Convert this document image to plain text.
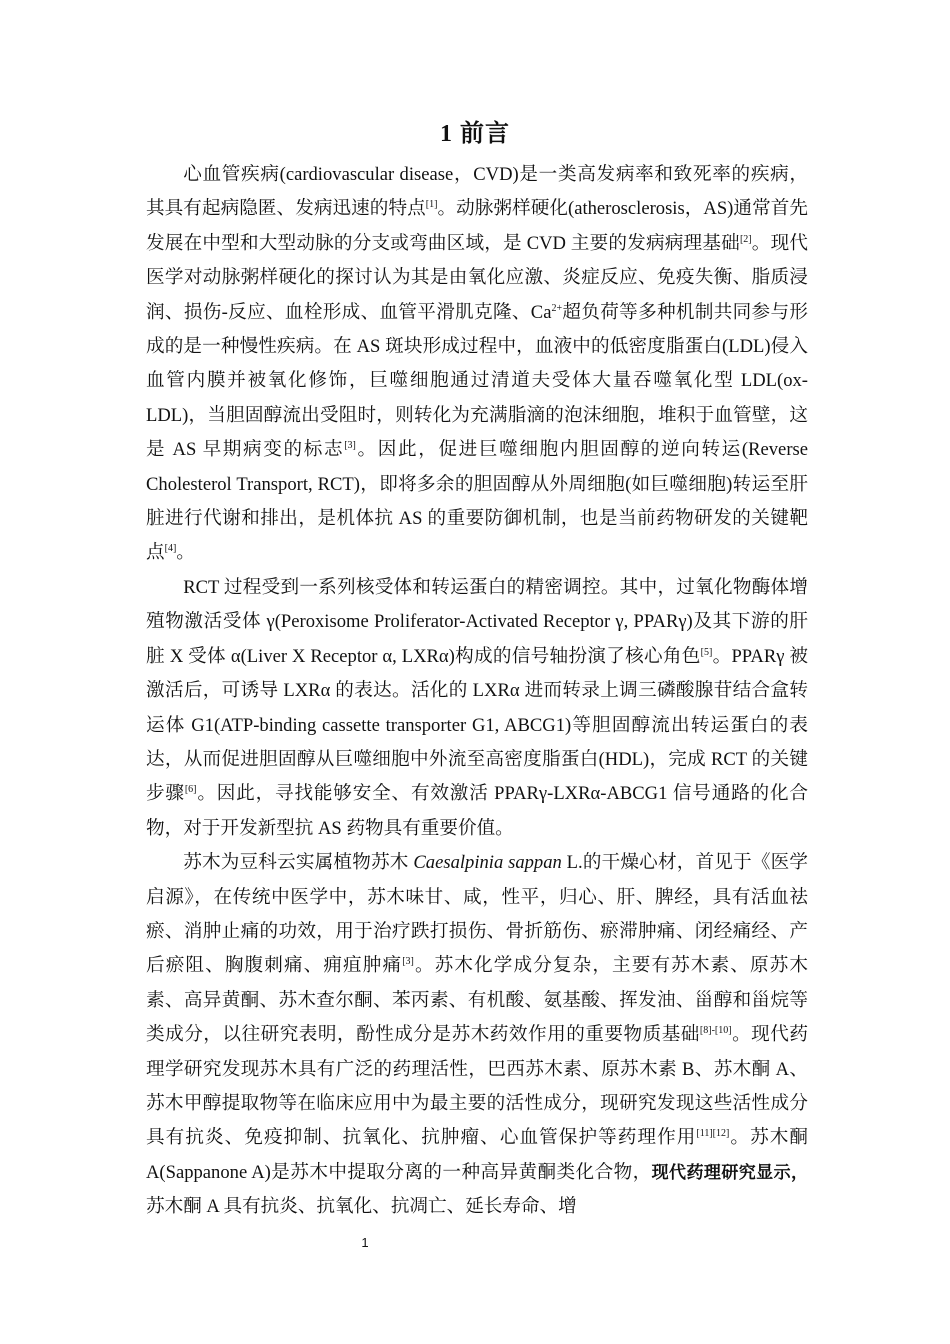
1 前言

心血管疾病(cardiovascular disease，CVD)是一类高发病率和致死率的疾病，其具有起病隐匿、发病迅速的特点[1]。动脉粥样硬化(atherosclerosis，AS)通常首先发展在中型和大型动脉的分支或弯曲区域，是 CVD 主要的发病病理基础[2]。现代医学对动脉粥样硬化的探讨认为其是由氧化应激、炎症反应、免疫失衡、脂质浸润、损伤-反应、血栓形成、血管平滑肌克隆、$Ca^{2+}$超负荷等多种机制共同参与形成的是一种慢性疾病。在 AS 斑块形成过程中，血液中的低密度脂蛋白(LDL)侵入血管内膜并被氧化修饰，巨噬细胞通过清道夫受体大量吞噬氧化型 LDL(ox-LDL)，当胆固醇流出受阻时，则转化为充满脂滴的泡沫细胞，堆积于血管壁，这是 AS 早期病变的标志[3]。因此，促进巨噬细胞内胆固醇的逆向转运(Reverse Cholesterol Transport, RCT)，即将多余的胆固醇从外周细胞(如巨噬细胞)转运至肝脏进行代谢和排出，是机体抗 AS 的重要防御机制，也是当前药物研发的关键靶点[4]。

RCT 过程受到一系列核受体和转运蛋白的精密调控。其中，过氧化物酶体增殖物激活受体 γ(Peroxisome Proliferator-Activated Receptor γ, PPARγ)及其下游的肝脏 X 受体 α(Liver X Receptor α, LXRα)构成的信号轴扮演了核心角色[5]。PPARγ 被激活后，可诱导 LXRα 的表达。活化的 LXRα 进而转录上调三磷酸腺苷结合盒转运体 G1(ATP-binding cassette transporter G1, ABCG1)等胆固醇流出转运蛋白的表达，从而促进胆固醇从巨噬细胞中外流至高密度脂蛋白(HDL)，完成 RCT 的关键步骤[6]。因此，寻找能够安全、有效激活 PPARγ-LXRα-ABCG1 信号通路的化合物，对于开发新型抗 AS 药物具有重要价值。

苏木为豆科云实属植物苏木 Caesalpinia sappan L.的干燥心材，首见于《医学启源》，在传统中医学中，苏木味甘、咸，性平，归心、肝、脾经，具有活血祛瘀、消肿止痛的功效，用于治疗跌打损伤、骨折筋伤、瘀滞肿痛、闭经痛经、产后瘀阻、胸腹刺痛、痈疽肿痛[3]。苏木化学成分复杂，主要有苏木素、原苏木素、高异黄酮、苏木查尔酮、苯丙素、有机酸、氨基酸、挥发油、甾醇和甾烷等类成分，以往研究表明，酚性成分是苏木药效作用的重要物质基础[8]-[10]。现代药理学研究发现苏木具有广泛的药理活性，巴西苏木素、原苏木素 B、苏木酮 A、苏木甲醇提取物等在临床应用中为最主要的活性成分，现研究发现这些活性成分具有抗炎、免疫抑制、抗氧化、抗肿瘤、心血管保护等药理作用[11][12]。苏木酮 A(Sappanone A)是苏木中提取分离的一种高异黄酮类化合物，现代药理研究显示，苏木酮 A 具有抗炎、抗氧化、抗凋亡、延长寿命、增

1
